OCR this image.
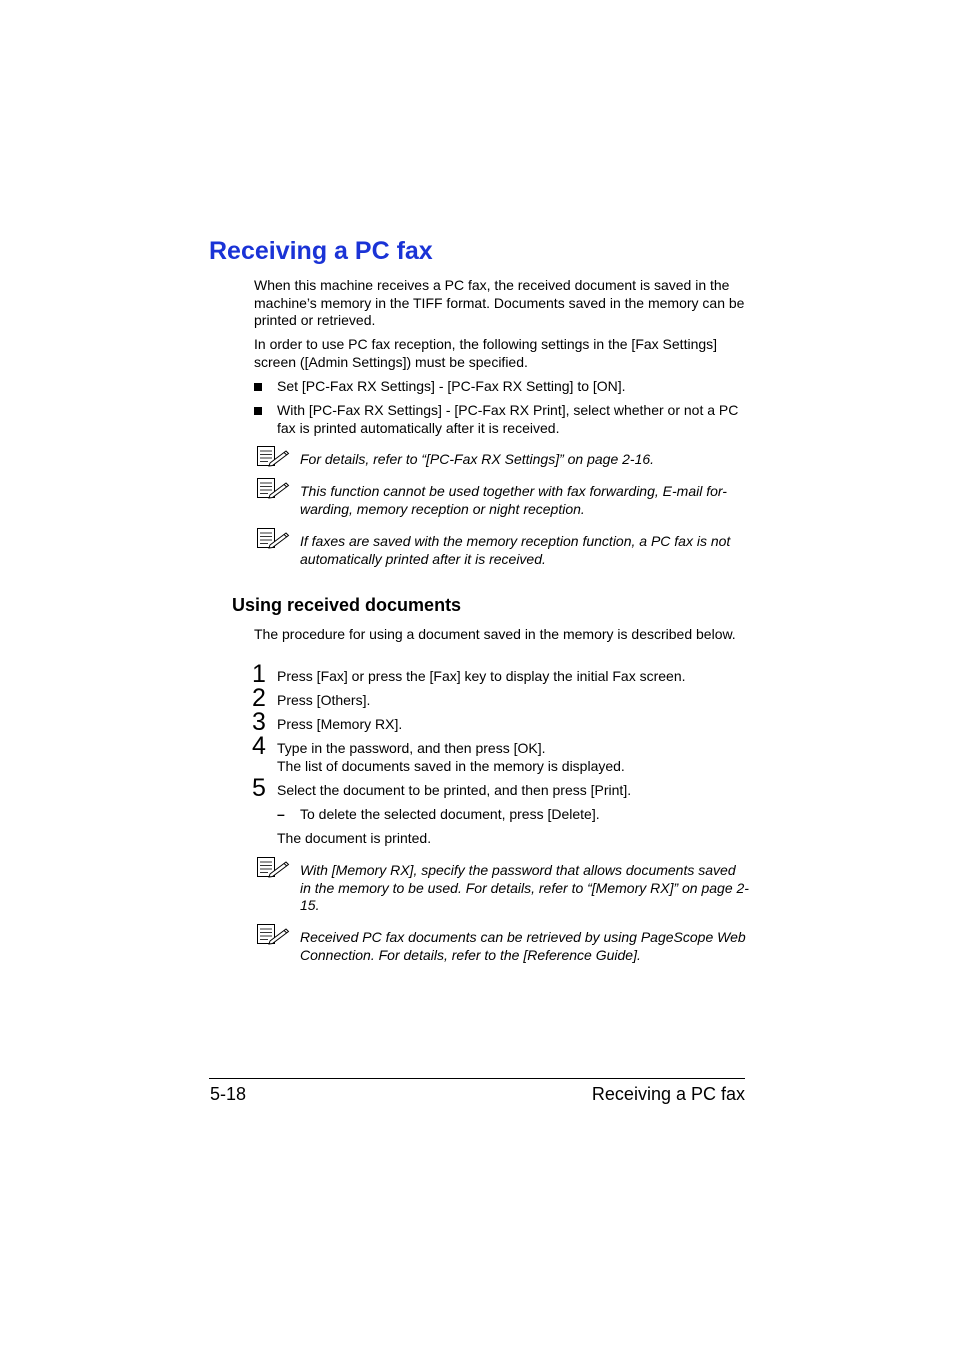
Receiving a PC fax
When this machine receives a PC fax, the received document is saved in the machine’s memory in the TIFF format. Documents saved in the memory can be printed or retrieved.
In order to use PC fax reception, the following settings in the [Fax Settings] screen ([Admin Settings]) must be specified.
Set [PC-Fax RX Settings] - [PC-Fax RX Setting] to [ON].
With [PC-Fax RX Settings] - [PC-Fax RX Print], select whether or not a PC fax is printed automatically after it is received.
For details, refer to “[PC-Fax RX Settings]” on page 2-16.
This function cannot be used together with fax forwarding, E-mail for-warding, memory reception or night reception.
If faxes are saved with the memory reception function, a PC fax is not automatically printed after it is received.
Using received documents
The procedure for using a document saved in the memory is described below.
1 Press [Fax] or press the [Fax] key to display the initial Fax screen.
2 Press [Others].
3 Press [Memory RX].
4 Type in the password, and then press [OK].
The list of documents saved in the memory is displayed.
5 Select the document to be printed, and then press [Print].
– To delete the selected document, press [Delete].
The document is printed.
With [Memory RX], specify the password that allows documents saved in the memory to be used. For details, refer to “[Memory RX]” on page 2-15.
Received PC fax documents can be retrieved by using PageScope Web Connection. For details, refer to the [Reference Guide].
5-18	Receiving a PC fax
